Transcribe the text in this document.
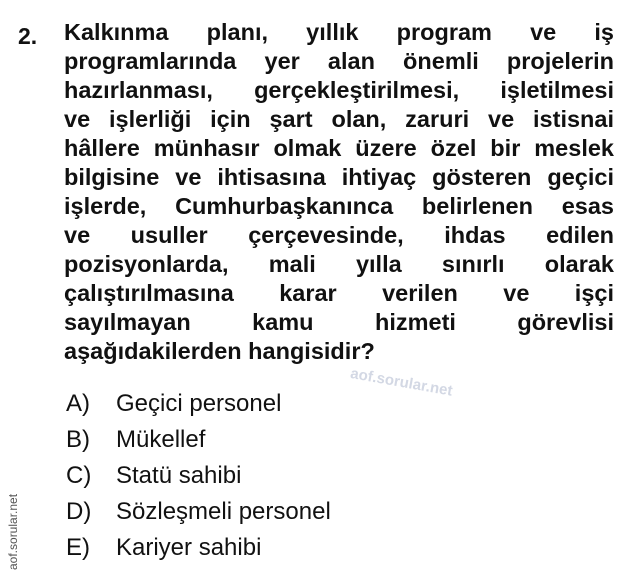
2. Kalkınma planı, yıllık program ve iş
programlarında yer alan önemli projelerin
hazırlanması, gerçekleştirilmesi, işletilmesi
ve işlerliği için şart olan, zaruri ve istisnai
hâllere münhasır olmak üzere özel bir meslek
bilgisine ve ihtisasına ihtiyaç gösteren geçici
işlerde, Cumhurbaşkanınca belirlenen esas
ve usuller çerçevesinde, ihdas edilen
pozisyonlarda, mali yılla sınırlı olarak
çalıştırılmasına karar verilen ve işçi
sayılmayan kamu hizmeti görevlisi
aşağıdakilerden hangisidir?
aof.sorular.net
A)	Geçici personel
B)	Mükellef
C)	Statü sahibi
D)	Sözleşmeli personel
E)	Kariyer sahibi
aof.sorular.net
